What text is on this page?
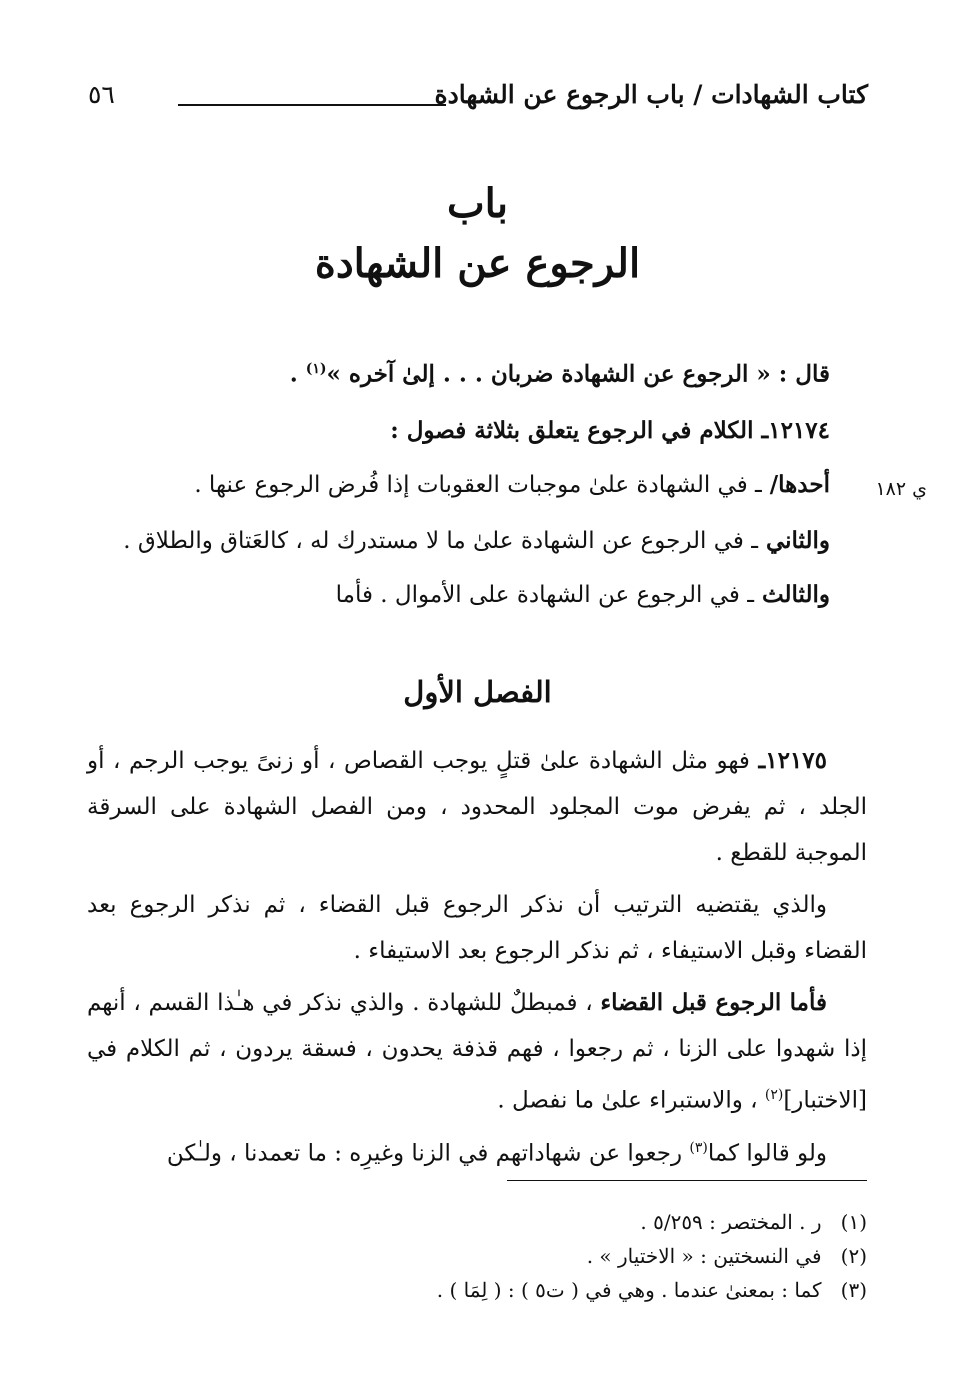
كتاب الشهادات / باب الرجوع عن الشهادة
٥٦
باب
الرجوع عن الشهادة
قال : « الرجوع عن الشهادة ضربان . . . إلىٰ آخره »$^{(١)}$ .
١٢١٧٤ـ الكلام في الرجوع يتعلق بثلاثة فصول :
أحدها/ ـ في الشهادة علىٰ موجبات العقوبات إذا فُرض الرجوع عنها .	ي ١٨٢
والثاني ـ في الرجوع عن الشهادة علىٰ ما لا مستدرك له ، كالعَتاق والطلاق .
والثالث ـ في الرجوع عن الشهادة على الأموال . فأما
الفصل الأول

١٢١٧٥ـ فهو مثل الشهادة علىٰ قتلٍ يوجب القصاص ، أو زنىً يوجب الرجم ، أو الجلد ، ثم يفرض موت المجلود المحدود ، ومن الفصل الشهادة على السرقة الموجبة للقطع .

والذي يقتضيه الترتيب أن نذكر الرجوع قبل القضاء ، ثم نذكر الرجوع بعد القضاء وقبل الاستيفاء ، ثم نذكر الرجوع بعد الاستيفاء .

فأما الرجوع قبل القضاء ، فمبطلٌ للشهادة . والذي نذكر في هـٰذا القسم ، أنهم إذا شهدوا على الزنا ، ثم رجعوا ، فهم قذفة يحدون ، فسقة يردون ، ثم الكلام في [الاختبار]$^{(٢)}$ ، والاستبراء علىٰ ما نفصل .

ولو قالوا كما$^{(٣)}$ رجعوا عن شهاداتهم في الزنا وغيرِه : ما تعمدنا ، ولـٰكن

(١)   ر . المختصر : ٥/٢٥٩ .
(٢)   في النسختين : « الاختيار » .
(٣)   كما : بمعنىٰ عندما . وهي في ( ت٥ ) : ( لِمَا ) .
